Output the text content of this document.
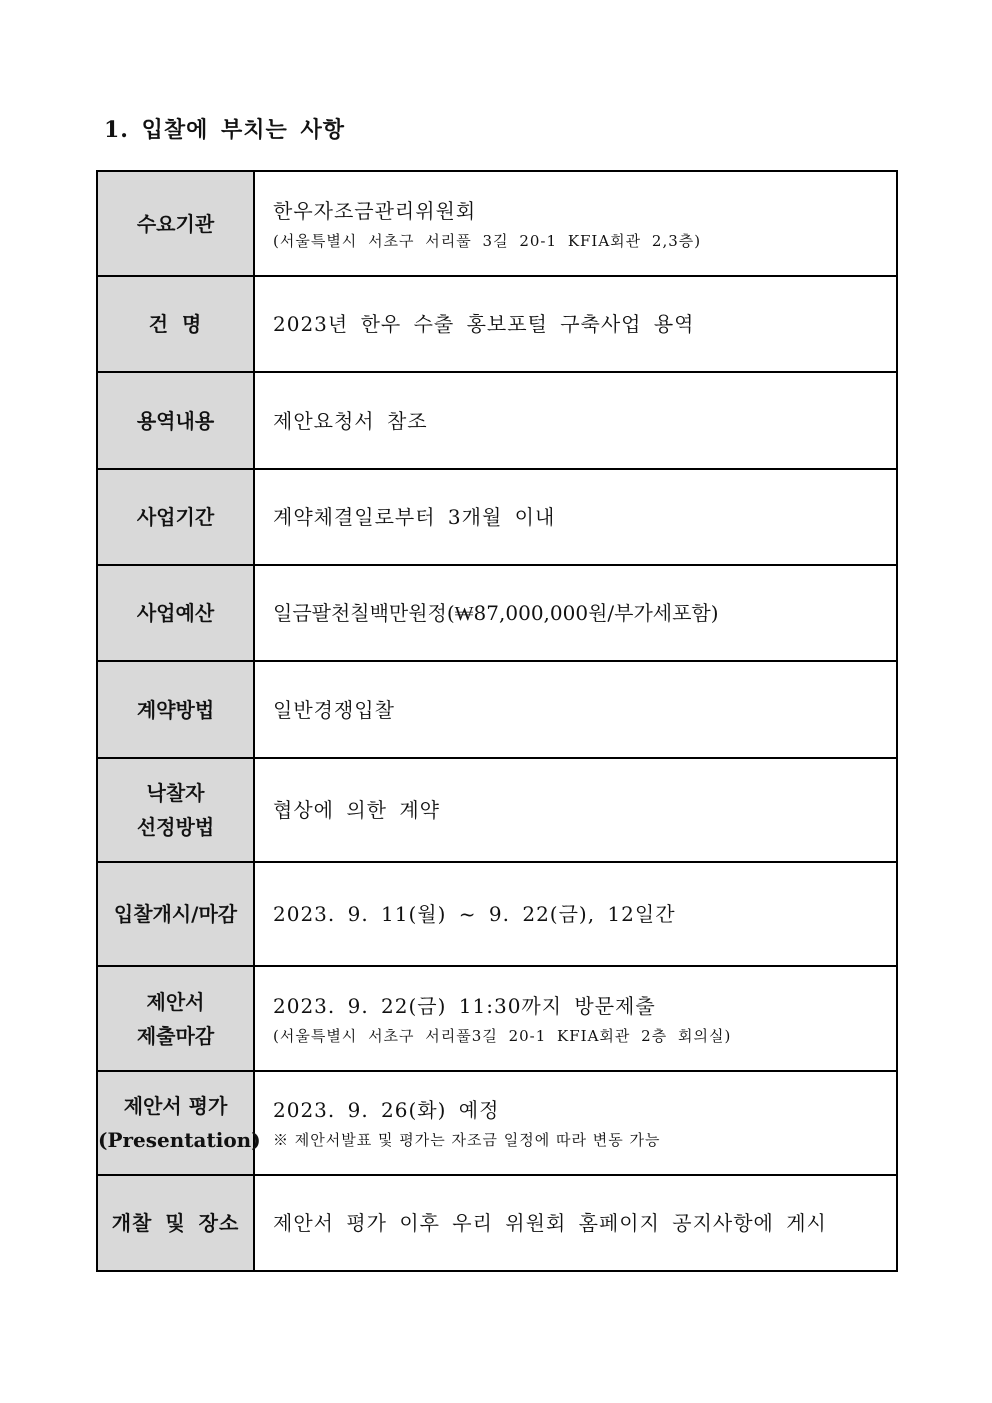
1. 입찰에 부치는 사항
수요기관	한우자조금관리위원회
(서울특별시 서초구 서리풀 3길 20-1 KFIA회관 2,3층)

건 명	2023년 한우 수출 홍보포털 구축사업 용역

용역내용	제안요청서 참조

사업기간	계약체결일로부터 3개월 이내

사업예산	일금팔천칠백만원정(₩87,000,000원/부가세포함)

계약방법	일반경쟁입찰

낙찰자
선정방법	협상에 의한 계약

입찰개시/마감	2023. 9. 11(월) ~ 9. 22(금), 12일간

제안서
제출마감	2023. 9. 22(금) 11:30까지 방문제출
(서울특별시 서초구 서리풀3길 20-1 KFIA회관 2층 회의실)

제안서 평가
(Presentation)	2023. 9. 26(화) 예정
※ 제안서발표 및 평가는 자조금 일정에 따라 변동 가능

개찰 및 장소	제안서 평가 이후 우리 위원회 홈페이지 공지사항에 게시
